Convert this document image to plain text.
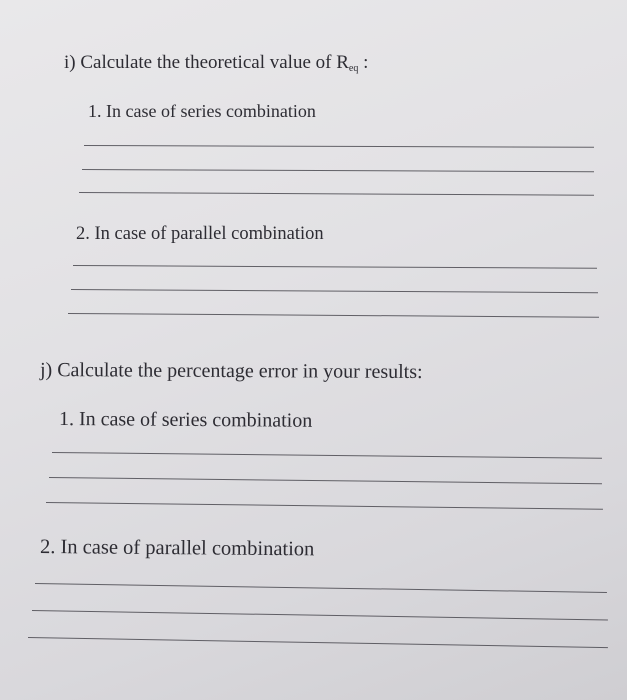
i) Calculate the theoretical value of $R_{eq}$ :
1. In case of series combination
2. In case of parallel combination
j) Calculate the percentage error in your results:
1. In case of series combination
2. In case of parallel combination
